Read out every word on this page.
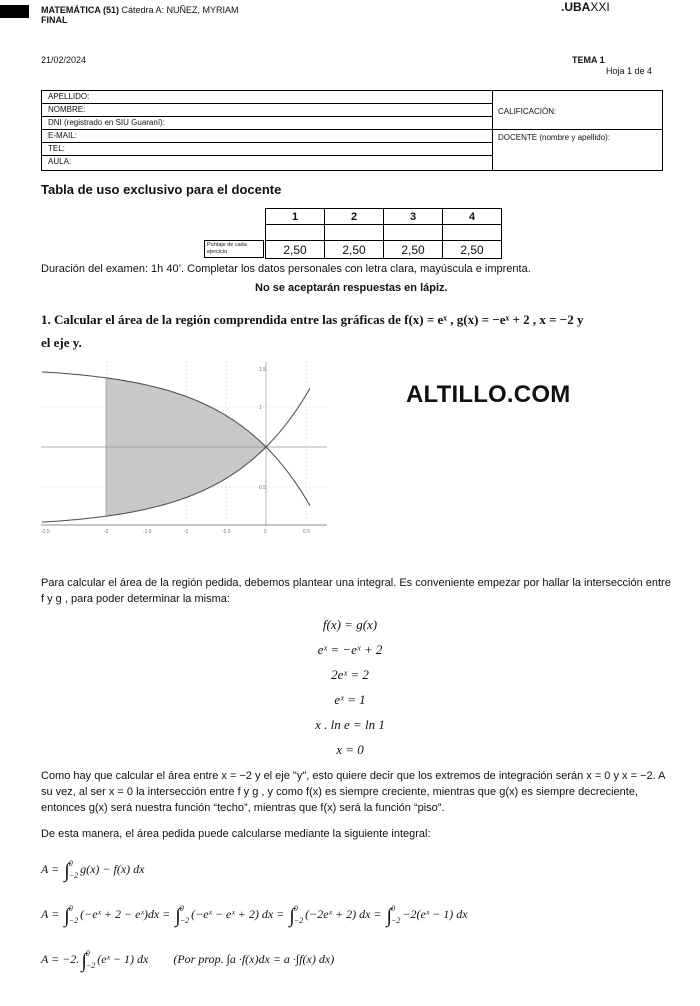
MATEMÁTICA (51) Cátedra A: NUÑEZ, MYRIAM
FINAL
.UBAXXI
21/02/2024	TEMA 1
Hoja 1 de 4
APELLIDO:
NOMBRE:
DNI (registrado en SIU Guaraní):
E-MAIL:
TEL:
AULA:
CALIFICACIÓN:
DOCENTE (nombre y apellido):
Tabla de uso exclusivo para el docente
1	2	3	4

2,50	2,50	2,50	2,50
Puntaje de cada ejercicio
Duración del examen: 1h 40’. Completar los datos personales con letra clara, mayúscula e imprenta.
No se aceptarán respuestas en lápiz.
1. Calcular el área de la región comprendida entre las gráficas de f(x) = eˣ , g(x) = −eˣ + 2 , x = −2 y
el eje y.
-2.5	-2	-1.5	-1	-0.5	0	0.5
1.5
1
0.5
ALTILLO.COM
Para calcular el área de la región pedida, debemos plantear una integral. Es conveniente empezar por hallar la intersección entre f y g , para poder determinar la misma:
f(x) = g(x)
eˣ = −eˣ + 2
2eˣ = 2
eˣ = 1
x . ln e = ln 1
x = 0
Como hay que calcular el área entre x = −2 y el eje "y", esto quiere decir que los extremos de integración serán x = 0 y x = −2. A su vez, al ser x = 0 la intersección entre f y g , y como f(x) es siempre creciente, mientras que g(x) es siempre decreciente, entonces g(x) será nuestra función “techo”, mientras que f(x) será la función “piso”.
De esta manera, el área pedida puede calcularse mediante la siguiente integral:
A = ∫ 0
−2 g(x) − f(x) dx
A = ∫ 0
−2 (−eˣ + 2 − eˣ)dx = ∫ 0
−2 (−eˣ − eˣ + 2) dx = ∫ 0
−2 (−2eˣ + 2) dx = ∫ 0
−2 −2(eˣ − 1) dx
A = −2. ∫ 0
−2 (eˣ − 1) dx (Por prop. ∫a ·f(x)dx = a ·∫f(x) dx)
